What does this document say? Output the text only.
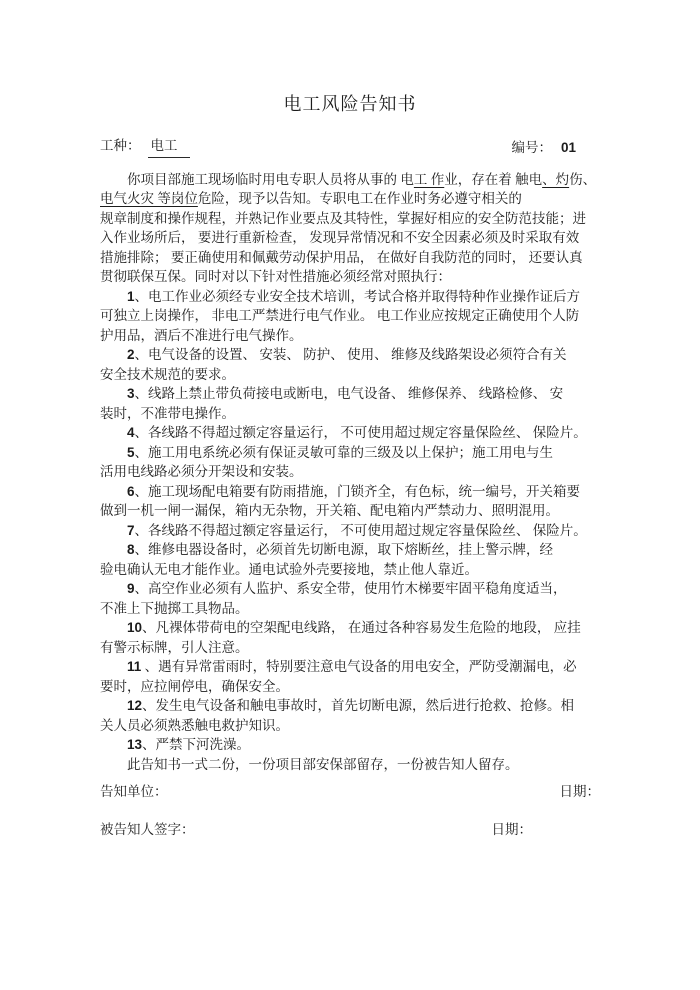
电工风险告知书
工种： 电工	编号： 01
你项目部施工现场临时用电专职人员将从事的 电工 作业，存在着 触电、灼伤、
电气火灾 等岗位危险，现予以告知。专职电工在作业时务必遵守相关的
规章制度和操作规程，并熟记作业要点及其特性，掌握好相应的安全防范技能；进
入作业场所后， 要进行重新检查， 发现异常情况和不安全因素必须及时采取有效
措施排除； 要正确使用和佩戴劳动保护用品， 在做好自我防范的同时， 还要认真
贯彻联保互保。同时对以下针对性措施必须经常对照执行：
1、电工作业必须经专业安全技术培训，考试合格并取得特种作业操作证后方
可独立上岗操作， 非电工严禁进行电气作业。 电工作业应按规定正确使用个人防
护用品，酒后不准进行电气操作。
2、电气设备的设置、 安装、 防护、 使用、 维修及线路架设必须符合有关
安全技术规范的要求。
3、线路上禁止带负荷接电或断电，电气设备、 维修保养、 线路检修、 安
装时，不准带电操作。
4、各线路不得超过额定容量运行， 不可使用超过规定容量保险丝、 保险片。
5、施工用电系统必须有保证灵敏可靠的三级及以上保护；施工用电与生
活用电线路必须分开架设和安装。
6、施工现场配电箱要有防雨措施，门锁齐全，有色标，统一编号，开关箱要
做到一机一闸一漏保，箱内无杂物，开关箱、配电箱内严禁动力、照明混用。
7、各线路不得超过额定容量运行， 不可使用超过规定容量保险丝、 保险片。
8、维修电器设备时，必须首先切断电源，取下熔断丝，挂上警示牌，经
验电确认无电才能作业。通电试验外壳要接地，禁止他人靠近。
9、高空作业必须有人监护、系安全带，使用竹木梯要牢固平稳角度适当，
不准上下抛掷工具物品。
10、凡裸体带荷电的空架配电线路， 在通过各种容易发生危险的地段， 应挂
有警示标牌，引人注意。
11 、遇有异常雷雨时，特别要注意电气设备的用电安全，严防受潮漏电，必
要时，应拉闸停电，确保安全。
12、发生电气设备和触电事故时，首先切断电源，然后进行抢救、抢修。相
关人员必须熟悉触电救护知识。
13、严禁下河洗澡。
此告知书一式二份，一份项目部安保部留存，一份被告知人留存。
告知单位：	日期：
被告知人签字：	日期：
